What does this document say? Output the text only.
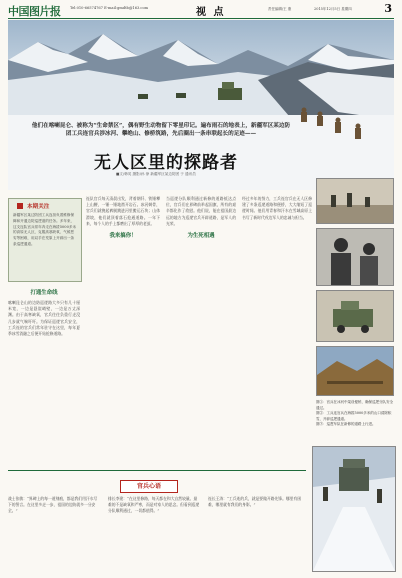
中国图片报	Tel:010-66574767 E-mail:gmdtb@163.com	视 点	责任编辑/王 康	2015年12月5日 星期四	3
他们在喀喇昆仑、被称为“生命禁区”，偶有野生动物留下零星印记。遍布雨石的地表上，新疆军区某边防团工兵连官兵涉冰河、攀绝山、修桥筑路，先后圈出一条串联起长的足迹——
无人区里的探路者
■文/韩英 摄影/孙 徐 新疆军区某边防团 于 通讯员
本期关注
新疆军区某边防团工兵连担负着维修保障和开通边防巡逻道的任务。多年来，这支连队官兵常年奔走在海拔5000多米的高原无人区，克服高寒缺氧、气候恶劣等困难，用双手在荒原上开辟出一条条巡逻通道。
打通生命线
喀喇昆仑山的边防巡逻路大多只有几十厘米宽，一边是悬崖峭壁，一边是万丈深渊。由于高寒缺氧，官兵往往负重行走没几步就气喘吁吁。为保证巡逻官兵安全，工兵连的官兵们常年驻守在这里，每年夏季冰雪消融之后便开始抢修道路。
连队官兵每天清晨出发，背着钢钎、铁锤攀上山腰，一锤一锤地凿开岩石。冰河刺骨，官兵们就挽起裤腿跳进河里搬运石块；山体滑坡，他们就顶着落石抢通道路。一年下来，每个人的手上都磨出了厚厚的老茧。
我来搞你！
当巡逻分队顺利通过新修的道路抵达点位，官兵们在界碑前举起国旗，所有的艰辛都化作了欣慰。他们说，能在祖国最边远的地方为巡逻官兵开辟道路，是军人的光荣。
为生死相遇
经过多年的努力，工兵连官兵在无人区修建了多条巡逻道路和便桥，大大缩短了巡逻时间。他们用青春和汗水在雪域高原上书写了新时代戍边军人的忠诚与担当。
图①：官兵在冰河中架设便桥，确保巡逻分队安全通过。
图②：工兵连官兵在海拔5000多米的山口清除积雪，开辟巡逻通道。
图③：巡逻车队在新修的道路上行进。
官兵心语
战士张敏：“界碑上的每一道刻痕，都是我们用汗水写下的誓言。在这里多走一步，祖国的边防就多一分安全。”
排长李建：“在这里修路，每天都在和大自然较量。最难的不是缺氧和严寒，而是对家人的思念。但看到巡逻分队顺利通过，一切都值得。”
连长王涛：“工兵连的兵，就是要做开路先锋。哪里有困难，哪里就有我们的身影。”
